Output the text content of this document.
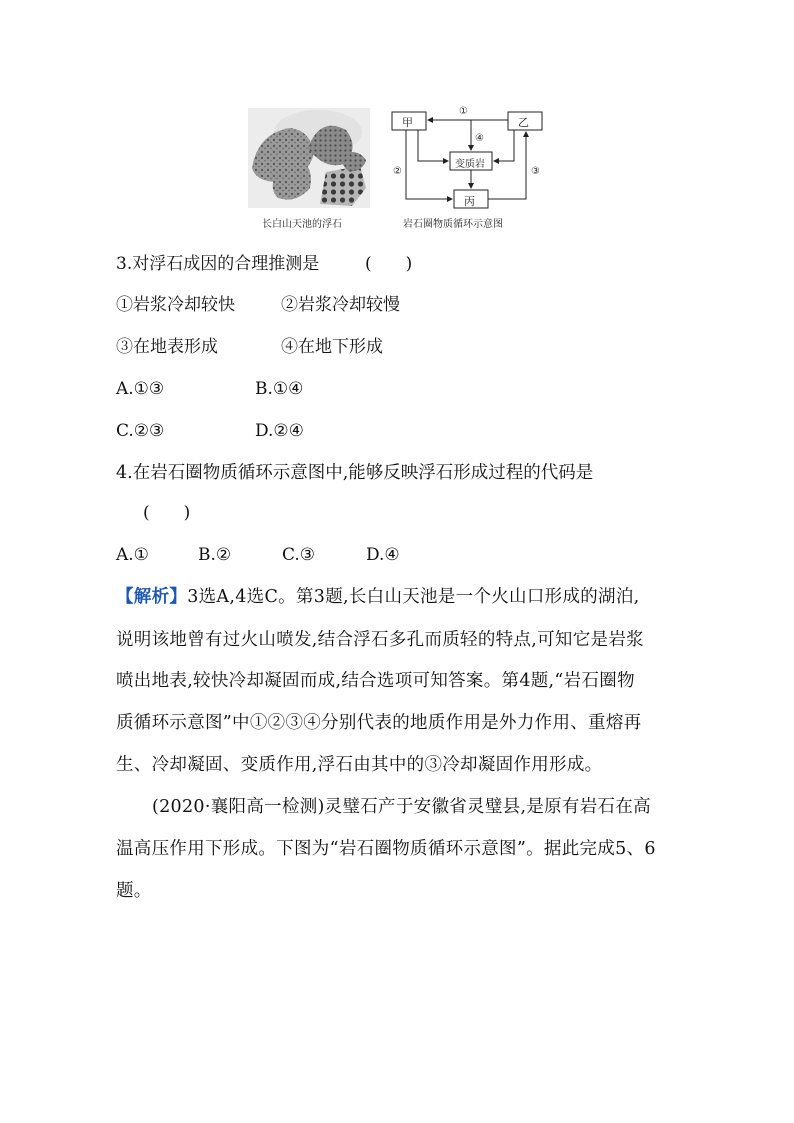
长白山天池的浮石
甲	乙
变质岩
丙
①
④
②	③
岩石圈物质循环示意图
3.对浮石成因的合理推测是	(　　)
①岩浆冷却较快	②岩浆冷却较慢
③在地表形成	④在地下形成
A.①③	B.①④
C.②③	D.②④
4.在岩石圈物质循环示意图中,能够反映浮石形成过程的代码是
(　　)
A.①	B.②	C.③	D.④
【解析】3选A,4选C。第3题,长白山天池是一个火山口形成的湖泊,
说明该地曾有过火山喷发,结合浮石多孔而质轻的特点,可知它是岩浆
喷出地表,较快冷却凝固而成,结合选项可知答案。第4题,“岩石圈物
质循环示意图”中①②③④分别代表的地质作用是外力作用、重熔再
生、冷却凝固、变质作用,浮石由其中的③冷却凝固作用形成。
(2020·襄阳高一检测)灵璧石产于安徽省灵璧县,是原有岩石在高
温高压作用下形成。下图为“岩石圈物质循环示意图”。据此完成5、6
题。
